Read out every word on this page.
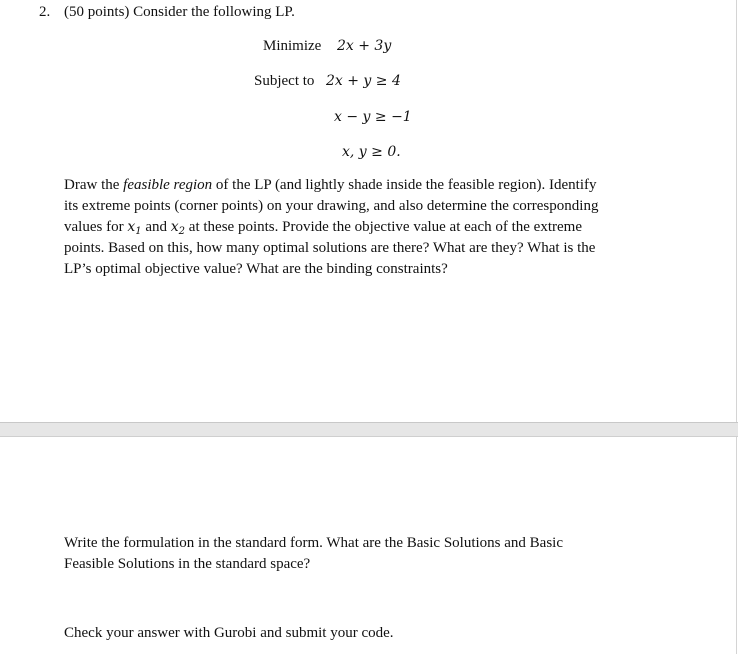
2. (50 points) Consider the following LP.
Minimize 2x + 3y
Subject to 2x + y ≥ 4
x − y ≥ −1
x, y ≥ 0.
Draw the feasible region of the LP (and lightly shade inside the feasible region). Identify
its extreme points (corner points) on your drawing, and also determine the corresponding
values for $x_1$ and $x_2$ at these points. Provide the objective value at each of the extreme
points. Based on this, how many optimal solutions are there? What are they? What is the
LP’s optimal objective value? What are the binding constraints?
Write the formulation in the standard form. What are the Basic Solutions and Basic
Feasible Solutions in the standard space?
Check your answer with Gurobi and submit your code.
